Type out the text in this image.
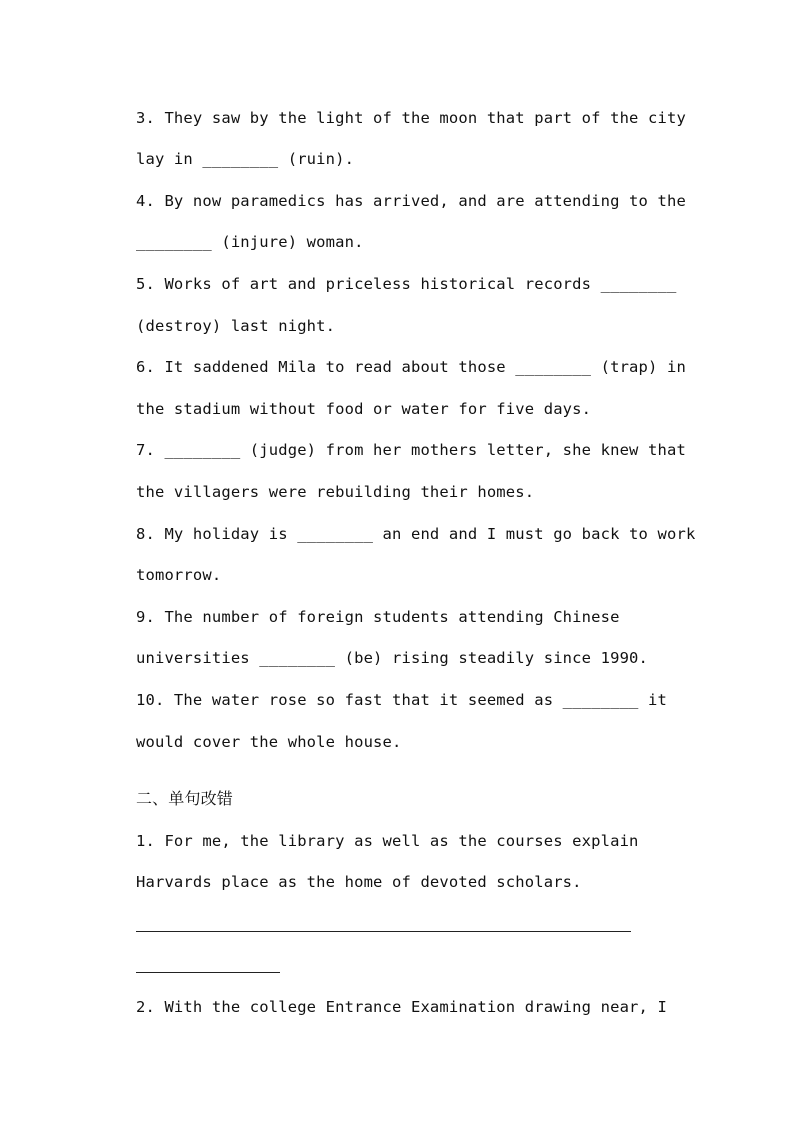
3. They saw by the light of the moon that part of the city
lay in ________ (ruin).
4. By now paramedics has arrived, and are attending to the
________ (injure) woman.
5. Works of art and priceless historical records ________
(destroy) last night.
6. It saddened Mila to read about those ________ (trap) in
the stadium without food or water for five days.
7. ________ (judge) from her mothers letter, she knew that
the villagers were rebuilding their homes.
8. My holiday is ________ an end and I must go back to work
tomorrow.
9. The number of foreign students attending Chinese
universities ________ (be) rising steadily since 1990.
10. The water rose so fast that it seemed as ________ it
would cover the whole house.
二、单句改错
1. For me, the library as well as the courses explain
Harvards place as the home of devoted scholars.
2. With the college Entrance Examination drawing near, I
